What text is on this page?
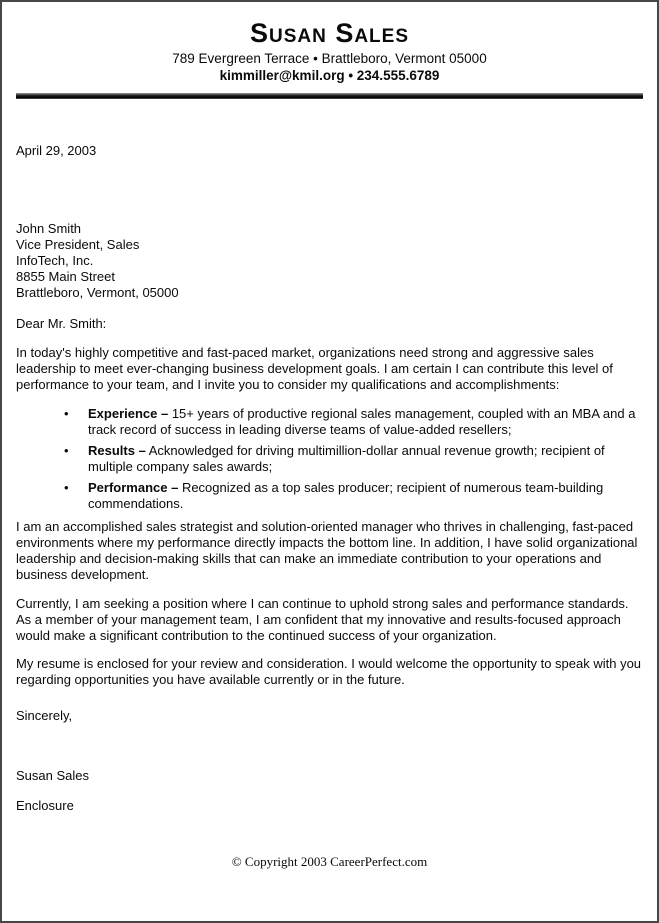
Susan Sales
789 Evergreen Terrace • Brattleboro, Vermont 05000
kimmiller@kmil.org • 234.555.6789
April 29, 2003
John Smith
Vice President, Sales
InfoTech, Inc.
8855 Main Street
Brattleboro, Vermont, 05000
Dear Mr. Smith:

In today's highly competitive and fast-paced market, organizations need strong and aggressive sales leadership to meet ever-changing business development goals. I am certain I can contribute this level of performance to your team, and I invite you to consider my qualifications and accomplishments:

•	Experience – 15+ years of productive regional sales management, coupled with an MBA and a track record of success in leading diverse teams of value-added resellers;
•	Results – Acknowledged for driving multimillion-dollar annual revenue growth; recipient of multiple company sales awards;
•	Performance – Recognized as a top sales producer; recipient of numerous team-building commendations.

I am an accomplished sales strategist and solution-oriented manager who thrives in challenging, fast-paced environments where my performance directly impacts the bottom line. In addition, I have solid organizational leadership and decision-making skills that can make an immediate contribution to your operations and business development.

Currently, I am seeking a position where I can continue to uphold strong sales and performance standards. As a member of your management team, I am confident that my innovative and results-focused approach would make a significant contribution to the continued success of your organization.

My resume is enclosed for your review and consideration. I would welcome the opportunity to speak with you regarding opportunities you have available currently or in the future.

Sincerely,
Susan Sales
Enclosure
© Copyright 2003 CareerPerfect.com
